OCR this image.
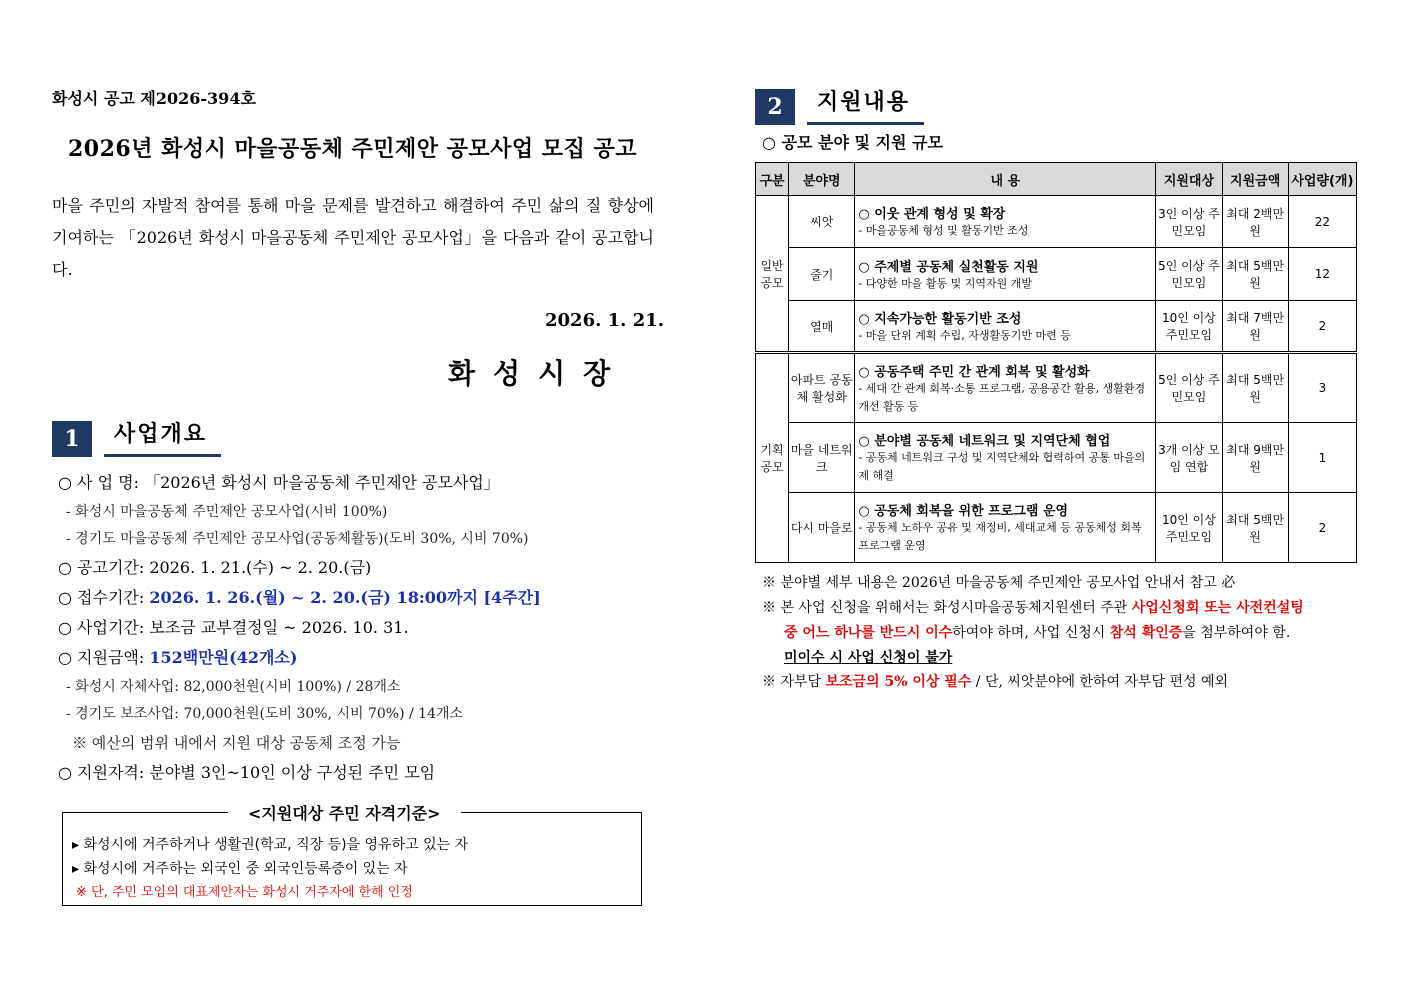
화성시 공고 제2026-394호
2026년 화성시 마을공동체 주민제안 공모사업 모집 공고
마을 주민의 자발적 참여를 통해 마을 문제를 발견하고 해결하여 주민 삶의 질 향상에 기여하는 「2026년 화성시 마을공동체 주민제안 공모사업」을 다음과 같이 공고합니다.
2026. 1. 21.
화성시장
1	사업개요
○ 사 업 명: 「2026년 화성시 마을공동체 주민제안 공모사업」
- 화성시 마을공동체 주민제안 공모사업(시비 100%)
- 경기도 마을공동체 주민제안 공모사업(공동체활동)(도비 30%, 시비 70%)
○ 공고기간: 2026. 1. 21.(수) ~ 2. 20.(금)
○ 접수기간: 2026. 1. 26.(월) ~ 2. 20.(금) 18:00까지 [4주간]
○ 사업기간: 보조금 교부결정일 ~ 2026. 10. 31.
○ 지원금액: 152백만원(42개소)
- 화성시 자체사업: 82,000천원(시비 100%) / 28개소
- 경기도 보조사업: 70,000천원(도비 30%, 시비 70%) / 14개소
※ 예산의 범위 내에서 지원 대상 공동체 조정 가능
○ 지원자격: 분야별 3인~10인 이상 구성된 주민 모임
<지원대상 주민 자격기준>
▸ 화성시에 거주하거나 생활권(학교, 직장 등)을 영유하고 있는 자
▸ 화성시에 거주하는 외국인 중 외국인등록증이 있는 자
※ 단, 주민 모임의 대표제안자는 화성시 거주자에 한해 인정
2	지원내용
○ 공모 분야 및 지원 규모
구분	분야명	내 용	지원대상	지원금액	사업량(개)
일반 공모	씨앗	○ 이웃 관계 형성 및 확장
- 마을공동체 형성 및 활동기반 조성	3인 이상 주민모임	최대 2백만원	22
	줄기	○ 주제별 공동체 실천활동 지원
- 다양한 마을 활동 및 지역자원 개발	5인 이상 주민모임	최대 5백만원	12
	열매	○ 지속가능한 활동기반 조성
- 마을 단위 계획 수립, 자생활동기반 마련 등	10인 이상 주민모임	최대 7백만원	2
기획 공모	아파트 공동체 활성화	○ 공동주택 주민 간 관계 회복 및 활성화
- 세대 간 관계 회복·소통 프로그램, 공용공간 활용, 생활환경 개선 활동 등	5인 이상 주민모임	최대 5백만원	3
	마을 네트워크	○ 분야별 공동체 네트워크 및 지역단체 협업
- 공동체 네트워크 구성 및 지역단체와 협력하여 공통 마을의제 해결	3개 이상 모임 연합	최대 9백만원	1
	다시 마을로	○ 공동체 회복을 위한 프로그램 운영
- 공동체 노하우 공유 및 재정비, 세대교체 등 공동체성 회복 프로그램 운영	10인 이상 주민모임	최대 5백만원	2
※ 분야별 세부 내용은 2026년 마을공동체 주민제안 공모사업 안내서 참고 必
※ 본 사업 신청을 위해서는 화성시마을공동체지원센터 주관 사업신청회 또는 사전컨설팅
중 어느 하나를 반드시 이수하여야 하며, 사업 신청시 참석 확인증을 첨부하여야 함.
미이수 시 사업 신청이 불가
※ 자부담 보조금의 5% 이상 필수 / 단, 씨앗분야에 한하여 자부담 편성 예외
